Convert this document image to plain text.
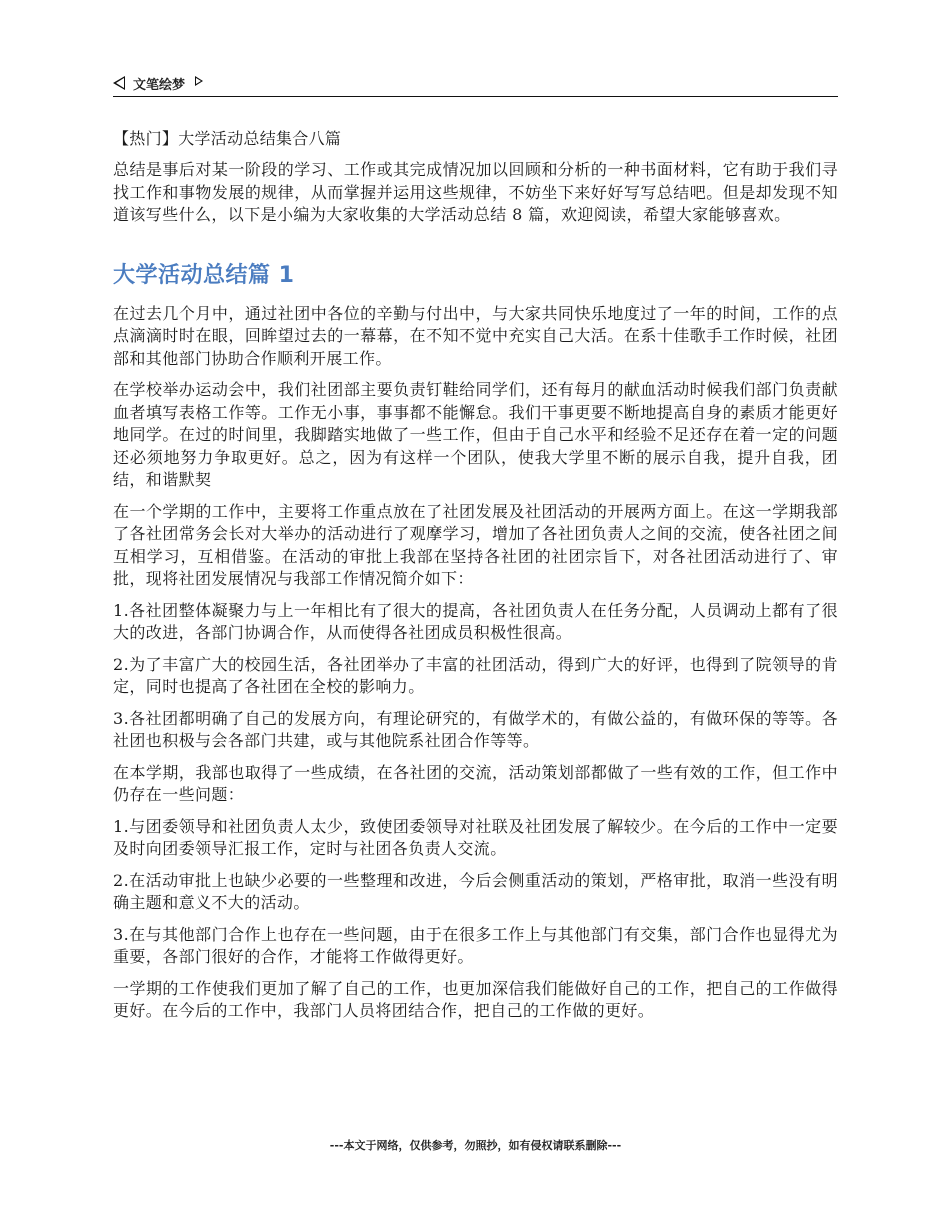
文笔绘梦
【热门】大学活动总结集合八篇

总结是事后对某一阶段的学习、工作或其完成情况加以回顾和分析的一种书面材料，它有助于我们寻找工作和事物发展的规律，从而掌握并运用这些规律，不妨坐下来好好写写总结吧。但是却发现不知道该写些什么，以下是小编为大家收集的大学活动总结 8 篇，欢迎阅读，希望大家能够喜欢。

大学活动总结篇 1

在过去几个月中，通过社团中各位的辛勤与付出中，与大家共同快乐地度过了一年的时间，工作的点点滴滴时时在眼，回眸望过去的一幕幕，在不知不觉中充实自己大活。在系十佳歌手工作时候，社团部和其他部门协助合作顺利开展工作。

在学校举办运动会中，我们社团部主要负责钉鞋给同学们，还有每月的献血活动时候我们部门负责献血者填写表格工作等。工作无小事，事事都不能懈怠。我们干事更要不断地提高自身的素质才能更好地同学。在过的时间里，我脚踏实地做了一些工作，但由于自己水平和经验不足还存在着一定的问题还必须地努力争取更好。总之，因为有这样一个团队，使我大学里不断的展示自我，提升自我，团结，和谐默契

在一个学期的工作中，主要将工作重点放在了社团发展及社团活动的开展两方面上。在这一学期我部了各社团常务会长对大举办的活动进行了观摩学习，增加了各社团负责人之间的交流，使各社团之间互相学习，互相借鉴。在活动的审批上我部在坚持各社团的社团宗旨下，对各社团活动进行了、审批，现将社团发展情况与我部工作情况简介如下：

1.各社团整体凝聚力与上一年相比有了很大的提高，各社团负责人在任务分配，人员调动上都有了很大的改进，各部门协调合作，从而使得各社团成员积极性很高。

2.为了丰富广大的校园生活，各社团举办了丰富的社团活动，得到广大的好评，也得到了院领导的肯定，同时也提高了各社团在全校的影响力。

3.各社团都明确了自己的发展方向，有理论研究的，有做学术的，有做公益的，有做环保的等等。各社团也积极与会各部门共建，或与其他院系社团合作等等。

在本学期，我部也取得了一些成绩，在各社团的交流，活动策划部都做了一些有效的工作，但工作中仍存在一些问题：

1.与团委领导和社团负责人太少，致使团委领导对社联及社团发展了解较少。在今后的工作中一定要及时向团委领导汇报工作，定时与社团各负责人交流。

2.在活动审批上也缺少必要的一些整理和改进，今后会侧重活动的策划，严格审批，取消一些没有明确主题和意义不大的活动。

3.在与其他部门合作上也存在一些问题，由于在很多工作上与其他部门有交集，部门合作也显得尤为重要，各部门很好的合作，才能将工作做得更好。

一学期的工作使我们更加了解了自己的工作，也更加深信我们能做好自己的工作，把自己的工作做得更好。在今后的工作中，我部门人员将团结合作，把自己的工作做的更好。

---本文于网络，仅供参考，勿照抄，如有侵权请联系删除---
